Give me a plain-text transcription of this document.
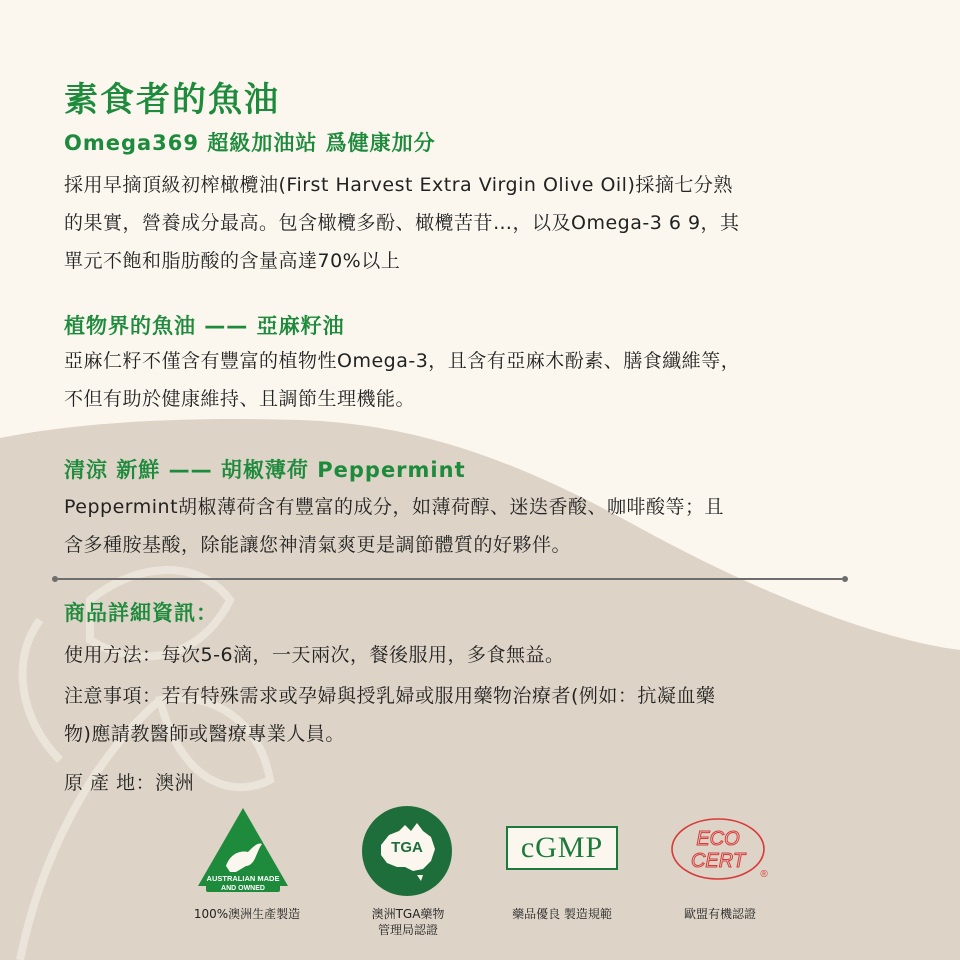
素食者的魚油
Omega369 超級加油站 爲健康加分
採用早摘頂級初榨橄欖油(First Harvest Extra Virgin Olive Oil)採摘七分熟
的果實，營養成分最高。包含橄欖多酚、橄欖苦苷…，以及Omega-3 6 9，其
單元不飽和脂肪酸的含量高達70%以上
植物界的魚油 —— 亞麻籽油
亞麻仁籽不僅含有豐富的植物性Omega-3，且含有亞麻木酚素、膳食纖維等，
不但有助於健康維持、且調節生理機能。
清涼 新鮮 —— 胡椒薄荷 Peppermint
Peppermint胡椒薄荷含有豐富的成分，如薄荷醇、迷迭香酸、咖啡酸等；且
含多種胺基酸，除能讓您神清氣爽更是調節體質的好夥伴。
商品詳細資訊：
使用方法：每次5-6滴，一天兩次，餐後服用，多食無益。
注意事項：若有特殊需求或孕婦與授乳婦或服用藥物治療者(例如：抗凝血藥
物)應請教醫師或醫療專業人員。
原 產 地：澳洲
AUSTRALIAN MADE
AND OWNED
100%澳洲生產製造
TGA
澳洲TGA藥物
管理局認證
cGMP
藥品優良 製造規範
ECO
CERT
®
歐盟有機認證
